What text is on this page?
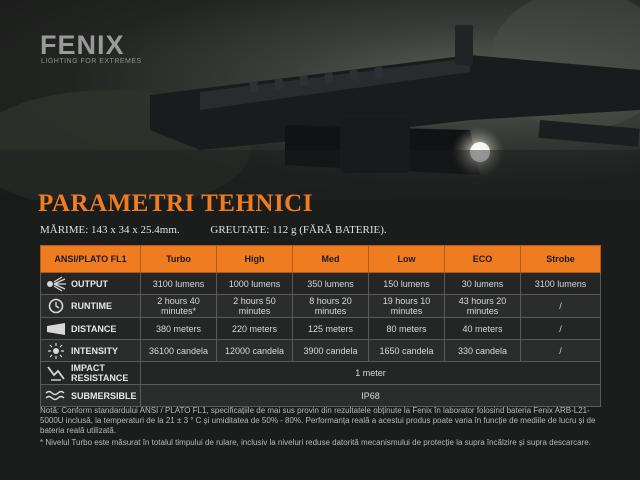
FENIX
LIGHTING FOR EXTREMES
PARAMETRI TEHNICI
MĂRIME: 143 x 34 x 25.4mm.	GREUTATE: 112 g (FĂRĂ BATERIE).
ANSI/PLATO FL1	Turbo	High	Med	Low	ECO	Strobe
OUTPUT	3100 lumens	1000 lumens	350 lumens	150 lumens	30 lumens	3100 lumens
RUNTIME	2 hours 40 minutes*	2 hours 50 minutes	8 hours 20 minutes	19 hours 10 minutes	43 hours 20 minutes	/
DISTANCE	380 meters	220 meters	125 meters	80 meters	40 meters	/
INTENSITY	36100 candela	12000 candela	3900 candela	1650 candela	330 candela	/
IMPACT RESISTANCE	1 meter					
SUBMERSIBLE	IP68					
Notă: Conform standardului ANSI / PLATO FL1, specificațiile de mai sus provin din rezultatele obținute la Fenix în laborator folosind bateria Fenix ARB-L21-5000U inclusă, la temperaturi de la 21 ± 3 ° C și umiditatea de 50% - 80%. Performanța reală a acestui produs poate varia în funcție de mediile de lucru și de bateria reală utilizată.
* Nivelul Turbo este măsurat în totalul timpului de rulare, inclusiv la niveluri reduse datorită mecanismului de protecție la supra încălzire și supra descarcare.
